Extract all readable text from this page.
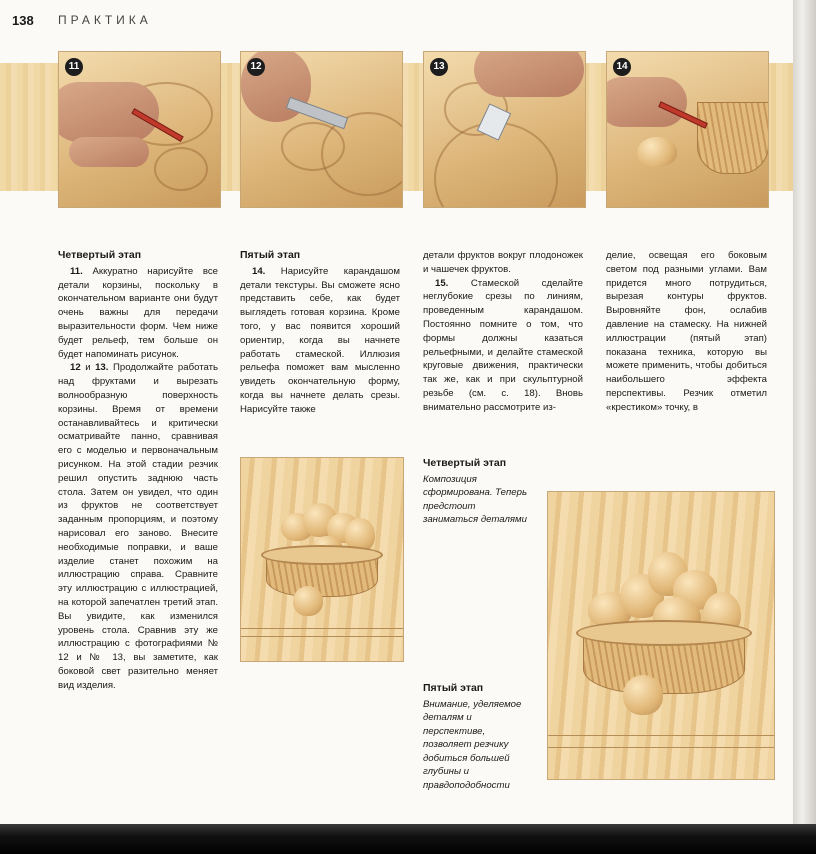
138 ПРАКТИКА
11	12	13	14
Четвертый этап

11. Аккуратно нарисуйте все детали корзины, поскольку в окончательном варианте они будут очень важны для передачи выразительности форм. Чем ниже будет рельеф, тем больше он будет напоминать рисунок.

12 и 13. Продолжайте работать над фруктами и вырезать волнообразную поверхность корзины. Время от времени останавливайтесь и критически осматривайте панно, сравнивая его с моделью и первоначальным рисунком. На этой стадии резчик решил опустить заднюю часть стола. Затем он увидел, что один из фруктов не соответствует заданным пропорциям, и поэтому нарисовал его заново. Внесите необходимые поправки, и ваше изделие станет похожим на иллюстрацию справа. Сравните эту иллюстрацию с иллюстрацией, на которой запечатлен третий этап. Вы увидите, как изменился уровень стола. Сравнив эту же иллюстрацию с фотографиями № 12 и № 13, вы заметите, как боковой свет разительно меняет вид изделия.

Пятый этап

14. Нарисуйте карандашом детали текстуры. Вы сможете ясно представить себе, как будет выглядеть готовая корзина. Кроме того, у вас появится хороший ориентир, когда вы начнете работать стамеской. Иллюзия рельефа поможет вам мысленно увидеть окончательную форму, когда вы начнете делать срезы. Нарисуйте также

детали фруктов вокруг плодоножек и чашечек фруктов.

15. Стамеской сделайте неглубокие срезы по линиям, проведенным карандашом. Постоянно помните о том, что формы должны казаться рельефными, и делайте стамеской круговые движения, практически так же, как и при скульптурной резьбе (см. с. 18). Вновь внимательно рассмотрите из-

делие, освещая его боковым светом под разными углами. Вам придется много потрудиться, вырезая контуры фруктов. Выровняйте фон, ослабив давление на стамеску. На нижней иллюстрации (пятый этап) показана техника, которую вы можете применить, чтобы добиться наибольшего эффекта перспективы. Резчик отметил «крестиком» точку, в

Четвертый этап

Композиция сформирована. Теперь предстоит заниматься деталями

Пятый этап

Внимание, уделяемое деталям и перспективе, позволяет резчику добиться большей глубины и правдоподобности
